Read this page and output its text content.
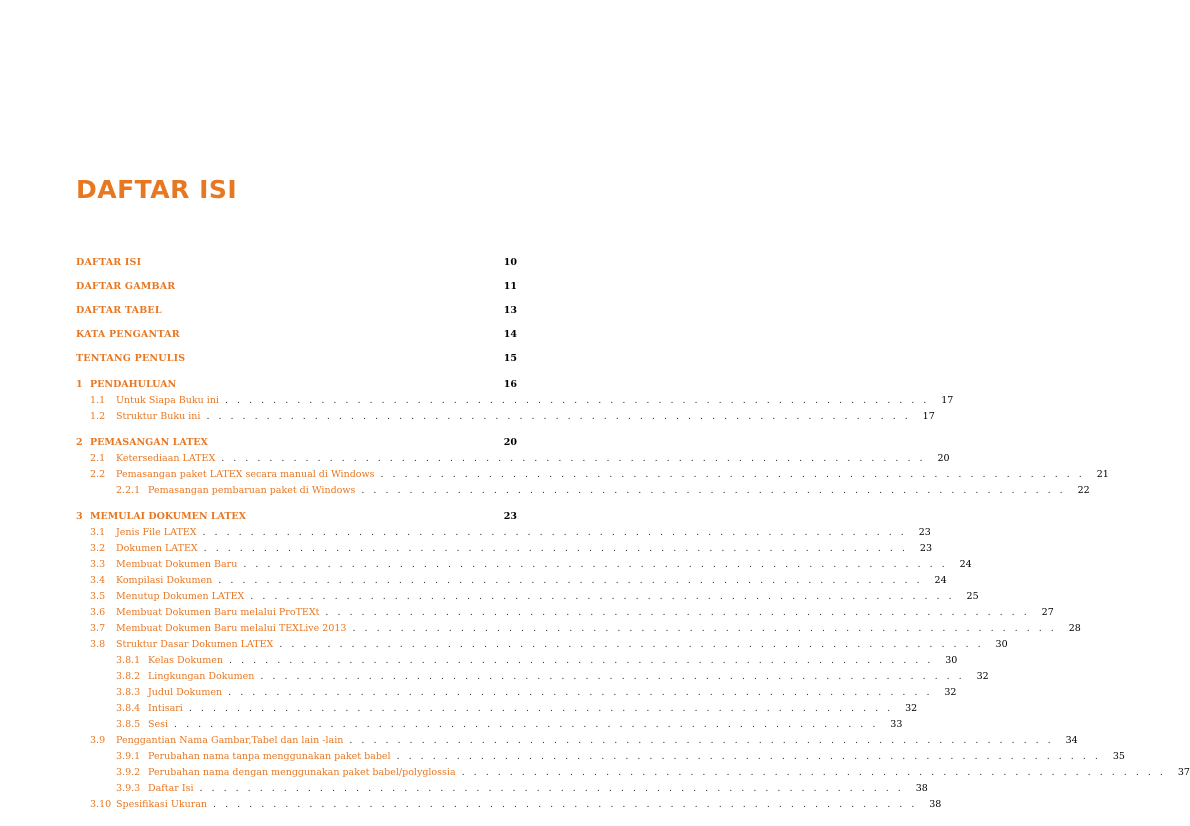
DAFTAR ISI
DAFTAR ISI	10
DAFTAR GAMBAR	11
DAFTAR TABEL	13
KATA PENGANTAR	14
TENTANG PENULIS	15
1 PENDAHULUAN	16
1.1	Untuk Siapa Buku ini . . . . . . . . . . . . . . . . . . . . . . . . . . . . . . . . . . . . . . . . . . . . . . . . . . . . . . . . . . .	17
1.2	Struktur Buku ini . . . . . . . . . . . . . . . . . . . . . . . . . . . . . . . . . . . . . . . . . . . . . . . . . . . . . . . . . . .	17
2 PEMASANGAN LATEX	20
2.1	Ketersediaan LATEX . . . . . . . . . . . . . . . . . . . . . . . . . . . . . . . . . . . . . . . . . . . . . . . . . . . . . . . . . . .	20
2.2	Pemasangan paket LATEX secara manual di Windows . . . . . . . . . . . . . . . . . . . . . . . . . . . . . . . . . . . . . . . . . . . . . . . . . . . . . . . . . . .	21
2.2.1 Pemasangan pembaruan paket di Windows . . . . . . . . . . . . . . . . . . . . . . . . . . . . . . . . . . . . . . . . . . . . . . . . . . . . . . . . . . .	22
3 MEMULAI DOKUMEN LATEX	23
3.1	Jenis File LATEX . . . . . . . . . . . . . . . . . . . . . . . . . . . . . . . . . . . . . . . . . . . . . . . . . . . . . . . . . . .	23
3.2	Dokumen LATEX . . . . . . . . . . . . . . . . . . . . . . . . . . . . . . . . . . . . . . . . . . . . . . . . . . . . . . . . . . .	23
3.3	Membuat Dokumen Baru . . . . . . . . . . . . . . . . . . . . . . . . . . . . . . . . . . . . . . . . . . . . . . . . . . . . . . . . . . .	24
3.4	Kompilasi Dokumen . . . . . . . . . . . . . . . . . . . . . . . . . . . . . . . . . . . . . . . . . . . . . . . . . . . . . . . . . . .	24
3.5	Menutup Dokumen LATEX . . . . . . . . . . . . . . . . . . . . . . . . . . . . . . . . . . . . . . . . . . . . . . . . . . . . . . . . . . .	25
3.6	Membuat Dokumen Baru melalui ProTEXt . . . . . . . . . . . . . . . . . . . . . . . . . . . . . . . . . . . . . . . . . . . . . . . . . . . . . . . . . . .	27
3.7	Membuat Dokumen Baru melalui TEXLive 2013 . . . . . . . . . . . . . . . . . . . . . . . . . . . . . . . . . . . . . . . . . . . . . . . . . . . . . . . . . . .	28
3.8	Struktur Dasar Dokumen LATEX . . . . . . . . . . . . . . . . . . . . . . . . . . . . . . . . . . . . . . . . . . . . . . . . . . . . . . . . . . .	30
3.8.1 Kelas Dokumen . . . . . . . . . . . . . . . . . . . . . . . . . . . . . . . . . . . . . . . . . . . . . . . . . . . . . . . . . . .	30
3.8.2 Lingkungan Dokumen . . . . . . . . . . . . . . . . . . . . . . . . . . . . . . . . . . . . . . . . . . . . . . . . . . . . . . . . . . .	32
3.8.3 Judul Dokumen . . . . . . . . . . . . . . . . . . . . . . . . . . . . . . . . . . . . . . . . . . . . . . . . . . . . . . . . . . .	32
3.8.4 Intisari . . . . . . . . . . . . . . . . . . . . . . . . . . . . . . . . . . . . . . . . . . . . . . . . . . . . . . . . . . .	32
3.8.5 Sesi . . . . . . . . . . . . . . . . . . . . . . . . . . . . . . . . . . . . . . . . . . . . . . . . . . . . . . . . . . .	33
3.9	Penggantian Nama Gambar,Tabel dan lain -lain . . . . . . . . . . . . . . . . . . . . . . . . . . . . . . . . . . . . . . . . . . . . . . . . . . . . . . . . . . .	34
3.9.1 Perubahan nama tanpa menggunakan paket babel . . . . . . . . . . . . . . . . . . . . . . . . . . . . . . . . . . . . . . . . . . . . . . . . . . . . . . . . . . .	35
3.9.2 Perubahan nama dengan menggunakan paket babel/polyglossia . . . . . . . . . . . . . . . . . . . . . . . . . . . . . . . . . . . . . . . . . . . . . . . . . . . . . . . . . . .	37
3.9.3 Daftar Isi . . . . . . . . . . . . . . . . . . . . . . . . . . . . . . . . . . . . . . . . . . . . . . . . . . . . . . . . . . .	38
3.10 Spesifikasi Ukuran . . . . . . . . . . . . . . . . . . . . . . . . . . . . . . . . . . . . . . . . . . . . . . . . . . . . . . . . . . .	38
